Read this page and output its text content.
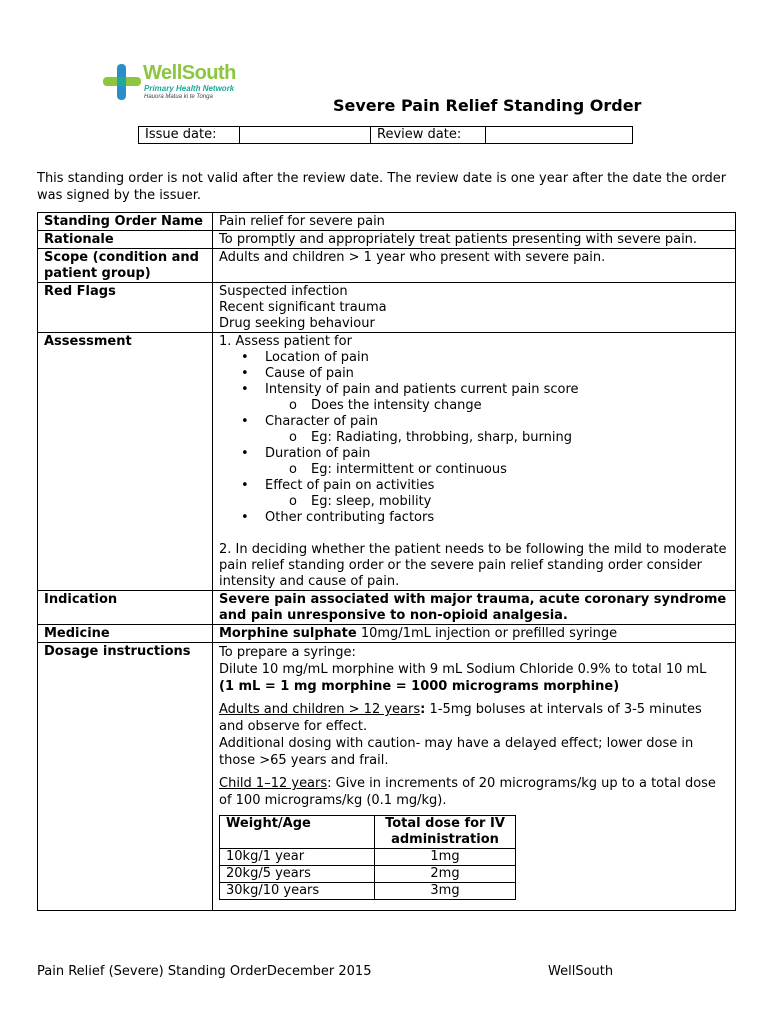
WellSouth
Primary Health Network
Hauora Matua ki te Tonga	Severe Pain Relief Standing Order
Issue date:		Review date:	
This standing order is not valid after the review date. The review date is one year after the date the order was signed by the issuer.
Standing Order Name	Pain relief for severe pain
Rationale	To promptly and appropriately treat patients presenting with severe pain.
Scope (condition and patient group)	Adults and children > 1 year who present with severe pain.
Red Flags	Suspected infection
Recent significant trauma
Drug seeking behaviour

Assessment	1. Assess patient for
• Location of pain
• Cause of pain
• Intensity of pain and patients current pain score
o Does the intensity change
• Character of pain
o Eg: Radiating, throbbing, sharp, burning
• Duration of pain
o Eg: intermittent or continuous
• Effect of pain on activities
o Eg: sleep, mobility
• Other contributing factors
2. In deciding whether the patient needs to be following the mild to moderate pain relief standing order or the severe pain relief standing order consider intensity and cause of pain.

Indication	Severe pain associated with major trauma, acute coronary syndrome and pain unresponsive to non-opioid analgesia.
Medicine	Morphine sulphate 10mg/1mL injection or prefilled syringe
Dosage instructions	To prepare a syringe:
Dilute 10 mg/mL morphine with 9 mL Sodium Chloride 0.9% to total 10 mL
(1 mL = 1 mg morphine = 1000 micrograms morphine)
Adults and children > 12 years: 1-5mg boluses at intervals of 3-5 minutes and observe for effect.
Additional dosing with caution- may have a delayed effect; lower dose in those >65 years and frail.
Child 1–12 years: Give in increments of 20 micrograms/kg up to a total dose of 100 micrograms/kg (0.1 mg/kg).
Weight/Age	Total dose for IV administration
10kg/1 year	1mg
20kg/5 years	2mg
30kg/10 years	3mg
Pain Relief (Severe) Standing OrderDecember 2015	WellSouth
